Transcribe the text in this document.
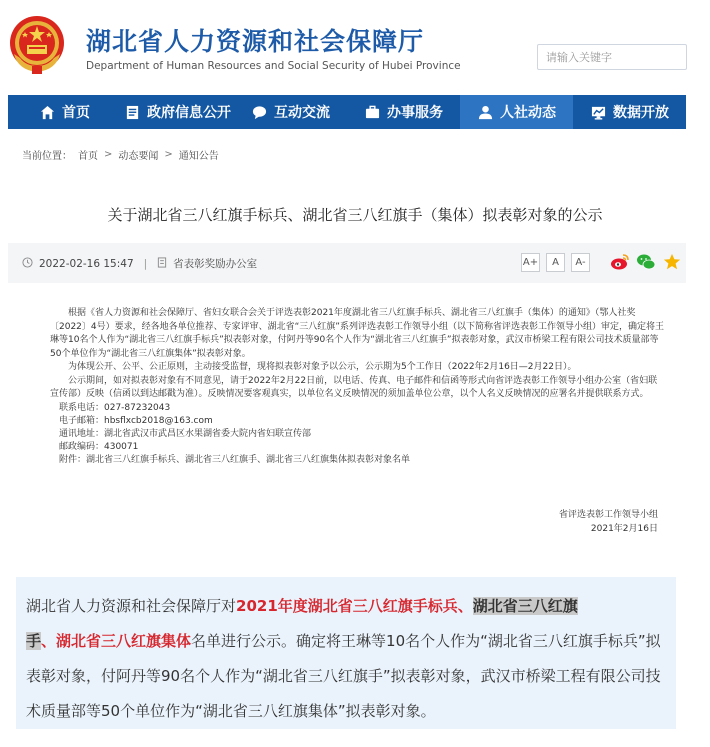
湖北省人力资源和社会保障厅
Department of Human Resources and Social Security of Hubei Province
请输入关键字
首页	政府信息公开	互动交流	办事服务	人社动态	数据开放
当前位置： 首页 > 动态要闻 > 通知公告
关于湖北省三八红旗手标兵、湖北省三八红旗手（集体）拟表彰对象的公示
2022-02-16 15:47 | 省表彰奖励办公室	A+	A	A-

根据《省人力资源和社会保障厅、省妇女联合会关于评选表彰2021年度湖北省三八红旗手标兵、湖北省三八红旗手（集体）的通知》（鄂人社奖〔2022〕4号）要求，经各地各单位推荐、专家评审、湖北省“三八红旗”系列评选表彰工作领导小组（以下简称省评选表彰工作领导小组）审定，确定将王琳等10名个人作为“湖北省三八红旗手标兵”拟表彰对象，付阿丹等90名个人作为“湖北省三八红旗手”拟表彰对象，武汉市桥梁工程有限公司技术质量部等50个单位作为“湖北省三八红旗集体”拟表彰对象。

为体现公开、公平、公正原则，主动接受监督，现将拟表彰对象予以公示，公示期为5个工作日（2022年2月16日—2月22日）。

公示期间，如对拟表彰对象有不同意见，请于2022年2月22日前，以电话、传真、电子邮件和信函等形式向省评选表彰工作领导小组办公室（省妇联宣传部）反映（信函以到达邮戳为准）。反映情况要客观真实，以单位名义反映情况的须加盖单位公章，以个人名义反映情况的应署名并提供联系方式。

联系电话：027-87232043
电子邮箱：hbsflxcb2018@163.com
通讯地址：湖北省武汉市武昌区水果湖省委大院内省妇联宣传部
邮政编码：430071
附件：湖北省三八红旗手标兵、湖北省三八红旗手、湖北省三八红旗集体拟表彰对象名单
省评选表彰工作领导小组
2021年2月16日
湖北省人力资源和社会保障厅对2021年度湖北省三八红旗手标兵、湖北省三八红旗
手、湖北省三八红旗集体名单进行公示。确定将王琳等10名个人作为“湖北省三八红旗手标兵”拟表彰对象，付阿丹等90名个人作为“湖北省三八红旗手”拟表彰对象，武汉市桥梁工程有限公司技术质量部等50个单位作为“湖北省三八红旗集体”拟表彰对象。
